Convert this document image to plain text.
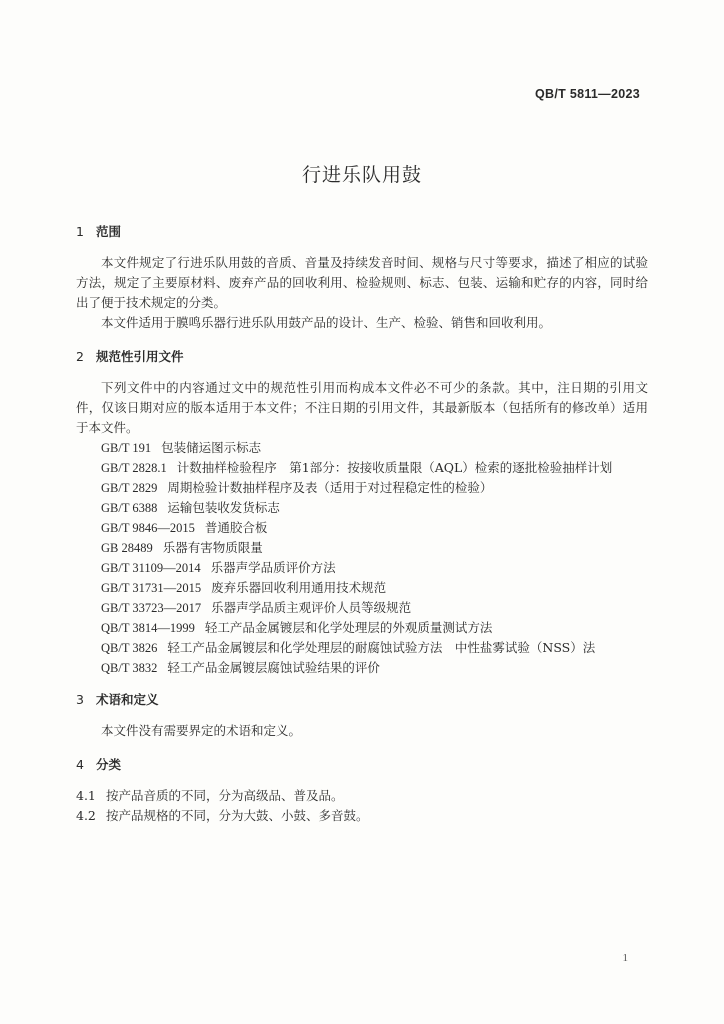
QB/T 5811—2023
行进乐队用鼓
1 范围

本文件规定了行进乐队用鼓的音质、音量及持续发音时间、规格与尺寸等要求，描述了相应的试验方法，规定了主要原材料、废弃产品的回收利用、检验规则、标志、包装、运输和贮存的内容，同时给出了便于技术规定的分类。

本文件适用于膜鸣乐器行进乐队用鼓产品的设计、生产、检验、销售和回收利用。

2 规范性引用文件

下列文件中的内容通过文中的规范性引用而构成本文件必不可少的条款。其中，注日期的引用文件，仅该日期对应的版本适用于本文件；不注日期的引用文件，其最新版本（包括所有的修改单）适用于本文件。

GB/T 191 包装储运图示标志
GB/T 2828.1 计数抽样检验程序　第1部分：按接收质量限（AQL）检索的逐批检验抽样计划
GB/T 2829 周期检验计数抽样程序及表（适用于对过程稳定性的检验）
GB/T 6388 运输包装收发货标志
GB/T 9846—2015 普通胶合板
GB 28489 乐器有害物质限量
GB/T 31109—2014 乐器声学品质评价方法
GB/T 31731—2015 废弃乐器回收利用通用技术规范
GB/T 33723—2017 乐器声学品质主观评价人员等级规范
QB/T 3814—1999 轻工产品金属镀层和化学处理层的外观质量测试方法
QB/T 3826 轻工产品金属镀层和化学处理层的耐腐蚀试验方法　中性盐雾试验（NSS）法
QB/T 3832 轻工产品金属镀层腐蚀试验结果的评价
3 术语和定义

本文件没有需要界定的术语和定义。

4 分类
4.1 按产品音质的不同，分为高级品、普及品。
4.2 按产品规格的不同，分为大鼓、小鼓、多音鼓。
1
